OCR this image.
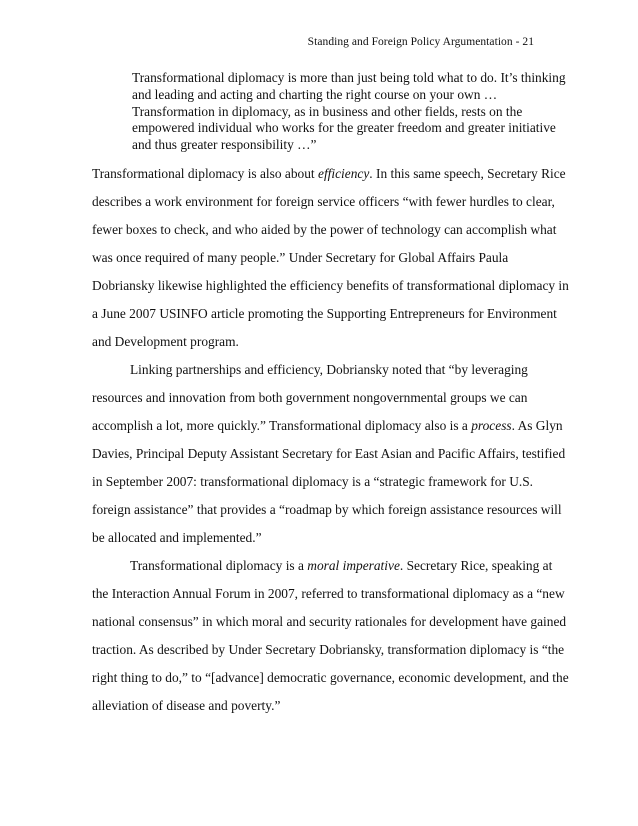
Standing and Foreign Policy Argumentation - 21
Transformational diplomacy is more than just being told what to do. It’s thinking
and leading and acting and charting the right course on your own …
Transformation in diplomacy, as in business and other fields, rests on the
empowered individual who works for the greater freedom and greater initiative
and thus greater responsibility …”
Transformational diplomacy is also about efficiency. In this same speech, Secretary Rice
describes a work environment for foreign service officers “with fewer hurdles to clear,
fewer boxes to check, and who aided by the power of technology can accomplish what
was once required of many people.” Under Secretary for Global Affairs Paula
Dobriansky likewise highlighted the efficiency benefits of transformational diplomacy in
a June 2007 USINFO article promoting the Supporting Entrepreneurs for Environment
and Development program.
Linking partnerships and efficiency, Dobriansky noted that “by leveraging
resources and innovation from both government nongovernmental groups we can
accomplish a lot, more quickly.” Transformational diplomacy also is a process. As Glyn
Davies, Principal Deputy Assistant Secretary for East Asian and Pacific Affairs, testified
in September 2007: transformational diplomacy is a “strategic framework for U.S.
foreign assistance” that provides a “roadmap by which foreign assistance resources will
be allocated and implemented.”
Transformational diplomacy is a moral imperative. Secretary Rice, speaking at
the Interaction Annual Forum in 2007, referred to transformational diplomacy as a “new
national consensus” in which moral and security rationales for development have gained
traction. As described by Under Secretary Dobriansky, transformation diplomacy is “the
right thing to do,” to “[advance] democratic governance, economic development, and the
alleviation of disease and poverty.”
